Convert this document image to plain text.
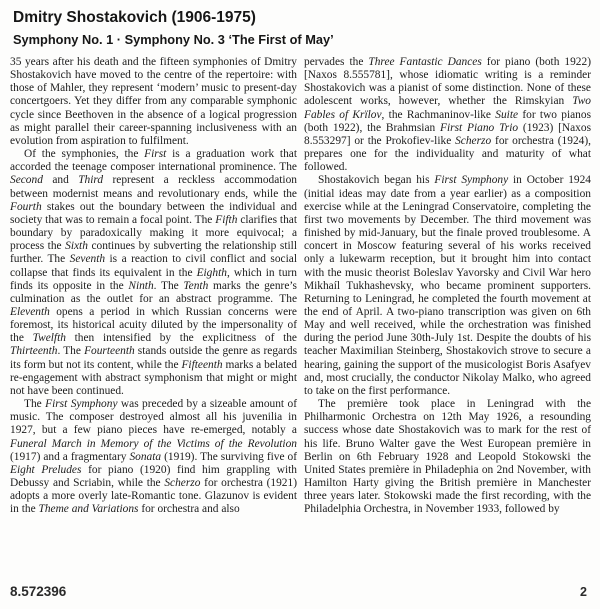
Dmitry Shostakovich (1906-1975)
Symphony No. 1 · Symphony No. 3 ‘The First of May’

35 years after his death and the fifteen symphonies of Dmitry Shostakovich have moved to the centre of the repertoire: with those of Mahler, they represent ‘modern’ music to present-day concertgoers. Yet they differ from any comparable symphonic cycle since Beethoven in the absence of a logical progression as might parallel their career-spanning inclusiveness with an evolution from aspiration to fulfilment.

Of the symphonies, the First is a graduation work that accorded the teenage composer international prominence. The Second and Third represent a reckless accommodation between modernist means and revolutionary ends, while the Fourth stakes out the boundary between the individual and society that was to remain a focal point. The Fifth clarifies that boundary by paradoxically making it more equivocal; a process the Sixth continues by subverting the relationship still further. The Seventh is a reaction to civil conflict and social collapse that finds its equivalent in the Eighth, which in turn finds its opposite in the Ninth. The Tenth marks the genre’s culmination as the outlet for an abstract programme. The Eleventh opens a period in which Russian concerns were foremost, its historical acuity diluted by the impersonality of the Twelfth then intensified by the explicitness of the Thirteenth. The Fourteenth stands outside the genre as regards its form but not its content, while the Fifteenth marks a belated re-engagement with abstract symphonism that might or might not have been continued.

The First Symphony was preceded by a sizeable amount of music. The composer destroyed almost all his juvenilia in 1927, but a few piano pieces have re-emerged, notably a Funeral March in Memory of the Victims of the Revolution (1917) and a fragmentary Sonata (1919). The surviving five of Eight Preludes for piano (1920) find him grappling with Debussy and Scriabin, while the Scherzo for orchestra (1921) adopts a more overly late-Romantic tone. Glazunov is evident in the Theme and Variations for orchestra and also

pervades the Three Fantastic Dances for piano (both 1922) [Naxos 8.555781], whose idiomatic writing is a reminder Shostakovich was a pianist of some distinction. None of these adolescent works, however, whether the Rimskyian Two Fables of Krïlov, the Rachmaninov-like Suite for two pianos (both 1922), the Brahmsian First Piano Trio (1923) [Naxos 8.553297] or the Prokofiev-like Scherzo for orchestra (1924), prepares one for the individuality and maturity of what followed.

Shostakovich began his First Symphony in October 1924 (initial ideas may date from a year earlier) as a composition exercise while at the Leningrad Conservatoire, completing the first two movements by December. The third movement was finished by mid-January, but the finale proved troublesome. A concert in Moscow featuring several of his works received only a lukewarm reception, but it brought him into contact with the music theorist Boleslav Yavorsky and Civil War hero Mikhaíl Tukhashevsky, who became prominent supporters. Returning to Leningrad, he completed the fourth movement at the end of April. A two-piano transcription was given on 6th May and well received, while the orchestration was finished during the period June 30th-July 1st. Despite the doubts of his teacher Maximilian Steinberg, Shostakovich strove to secure a hearing, gaining the support of the musicologist Boris Asafyev and, most crucially, the conductor Nikolay Malko, who agreed to take on the first performance.

The première took place in Leningrad with the Philharmonic Orchestra on 12th May 1926, a resounding success whose date Shostakovich was to mark for the rest of his life. Bruno Walter gave the West European première in Berlin on 6th February 1928 and Leopold Stokowski the United States première in Philadephia on 2nd November, with Hamilton Harty giving the British première in Manchester three years later. Stokowski made the first recording, with the Philadelphia Orchestra, in November 1933, followed by

8.572396	2
